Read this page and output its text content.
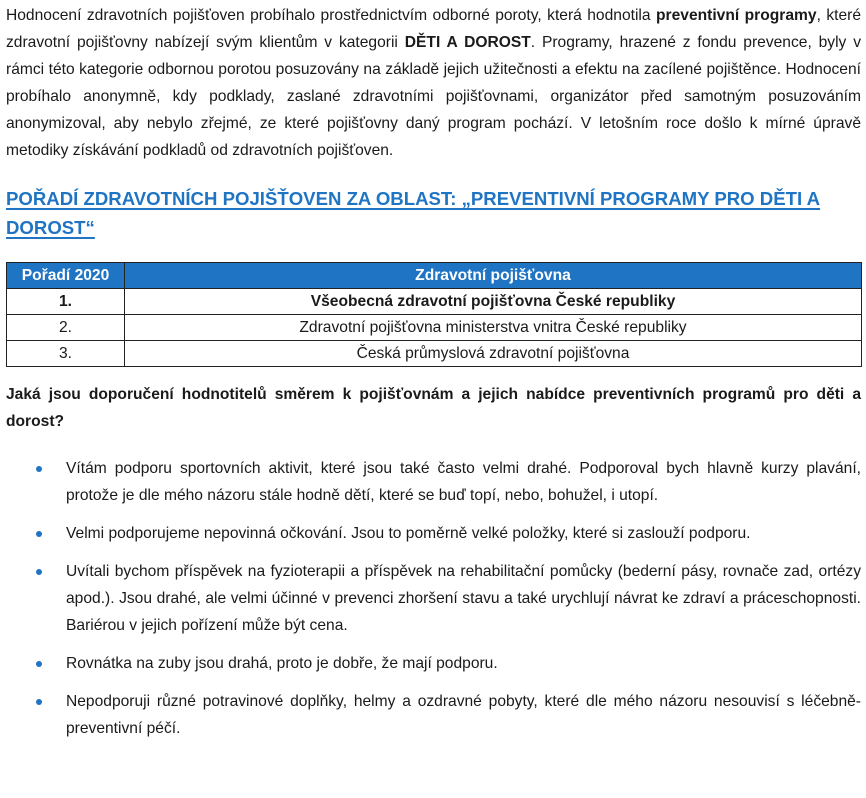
Hodnocení zdravotních pojišťoven probíhalo prostřednictvím odborné poroty, která hodnotila preventivní programy, které zdravotní pojišťovny nabízejí svým klientům v kategorii DĚTI A DOROST. Programy, hrazené z fondu prevence, byly v rámci této kategorie odbornou porotou posuzovány na základě jejich užitečnosti a efektu na zacílené pojištěnce. Hodnocení probíhalo anonymně, kdy podklady, zaslané zdravotními pojišťovnami, organizátor před samotným posuzováním anonymizoval, aby nebylo zřejmé, ze které pojišťovny daný program pochází. V letošním roce došlo k mírné úpravě metodiky získávání podkladů od zdravotních pojišťoven.

POŘADÍ ZDRAVOTNÍCH POJIŠŤOVEN ZA OBLAST: „PREVENTIVNÍ PROGRAMY PRO DĚTI A DOROST“
Pořadí 2020	Zdravotní pojišťovna
1.	Všeobecná zdravotní pojišťovna České republiky
2.	Zdravotní pojišťovna ministerstva vnitra České republiky
3.	Česká průmyslová zdravotní pojišťovna

Jaká jsou doporučení hodnotitelů směrem k pojišťovnám a jejich nabídce preventivních programů pro děti a dorost?

Vítám podporu sportovních aktivit, které jsou také často velmi drahé. Podporoval bych hlavně kurzy plavání, protože je dle mého názoru stále hodně dětí, které se buď topí, nebo, bohužel, i utopí.
Velmi podporujeme nepovinná očkování. Jsou to poměrně velké položky, které si zaslouží podporu.
Uvítali bychom příspěvek na fyzioterapii a příspěvek na rehabilitační pomůcky (bederní pásy, rovnače zad, ortézy apod.). Jsou drahé, ale velmi účinné v prevenci zhoršení stavu a také urychlují návrat ke zdraví a práceschopnosti. Bariérou v jejich pořízení může být cena.
Rovnátka na zuby jsou drahá, proto je dobře, že mají podporu.
Nepodporuji různé potravinové doplňky, helmy a ozdravné pobyty, které dle mého názoru nesouvisí s léčebně-preventivní péčí.
